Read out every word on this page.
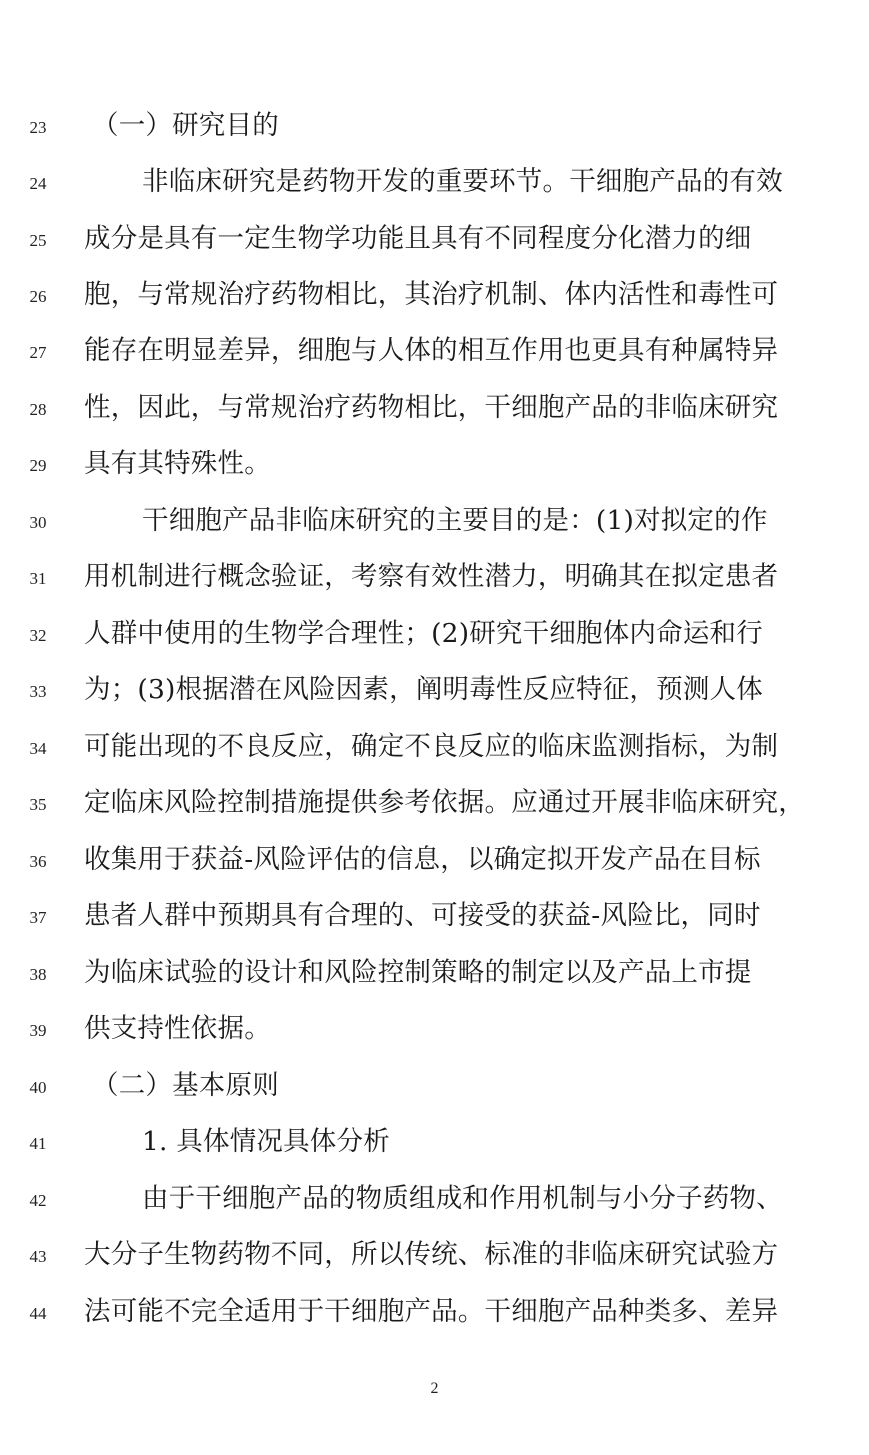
23	（一）研究目的
24	非临床研究是药物开发的重要环节。干细胞产品的有效
25	成分是具有一定生物学功能且具有不同程度分化潜力的细
26	胞，与常规治疗药物相比，其治疗机制、体内活性和毒性可
27	能存在明显差异，细胞与人体的相互作用也更具有种属特异
28	性，因此，与常规治疗药物相比，干细胞产品的非临床研究
29	具有其特殊性。
30	干细胞产品非临床研究的主要目的是：(1)对拟定的作
31	用机制进行概念验证，考察有效性潜力，明确其在拟定患者
32	人群中使用的生物学合理性；(2)研究干细胞体内命运和行
33	为；(3)根据潜在风险因素，阐明毒性反应特征，预测人体
34	可能出现的不良反应，确定不良反应的临床监测指标，为制
35	定临床风险控制措施提供参考依据。应通过开展非临床研究，
36	收集用于获益-风险评估的信息，以确定拟开发产品在目标
37	患者人群中预期具有合理的、可接受的获益-风险比，同时
38	为临床试验的设计和风险控制策略的制定以及产品上市提
39	供支持性依据。
40	（二）基本原则
41	1. 具体情况具体分析
42	由于干细胞产品的物质组成和作用机制与小分子药物、
43	大分子生物药物不同，所以传统、标准的非临床研究试验方
44	法可能不完全适用于干细胞产品。干细胞产品种类多、差异
2
